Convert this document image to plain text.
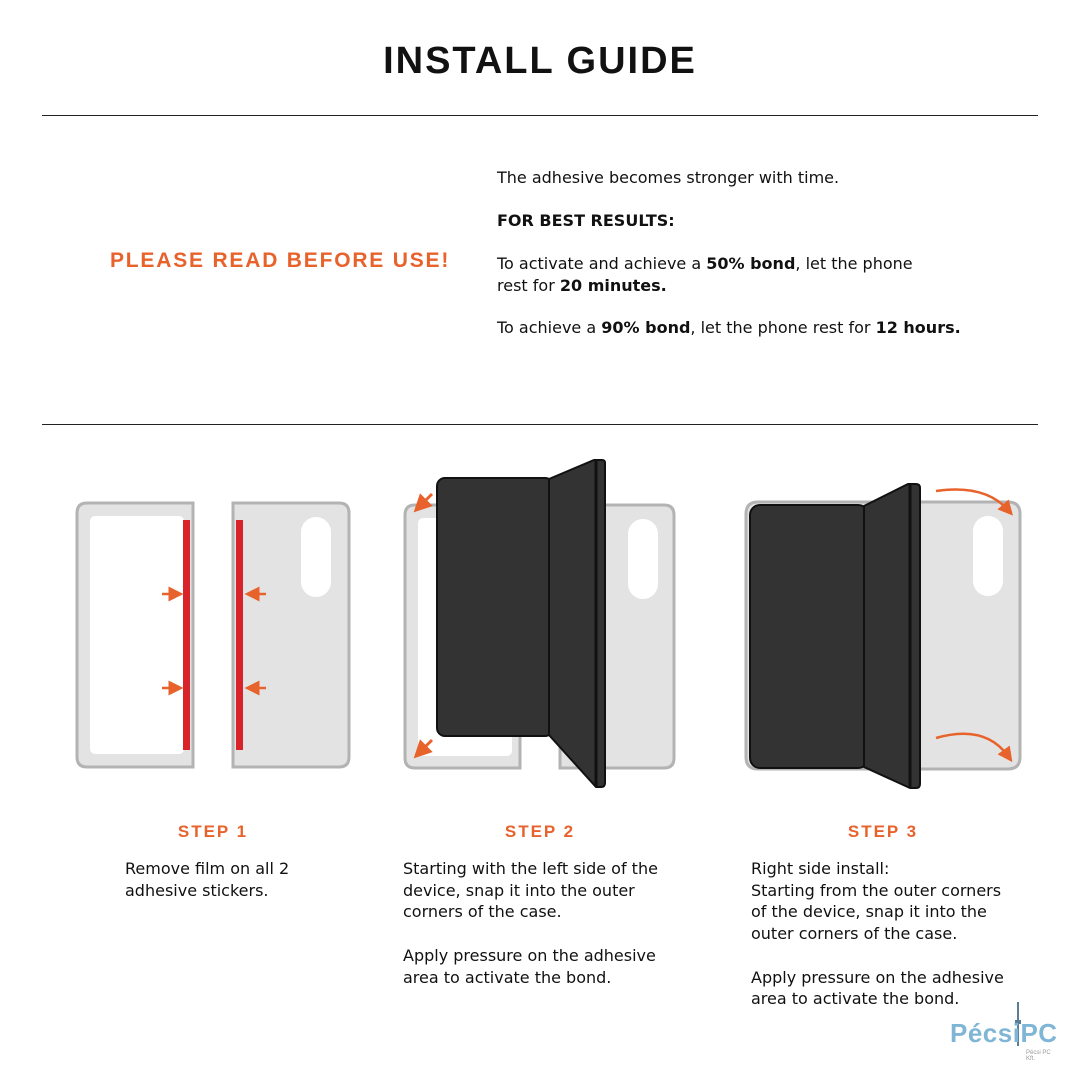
INSTALL GUIDE
PLEASE READ BEFORE USE!
The adhesive becomes stronger with time.
FOR BEST RESULTS:
To activate and achieve a 50% bond, let the phone
rest for 20 minutes.
To achieve a 90% bond, let the phone rest for 12 hours.
STEP 1	STEP 2	STEP 3

Remove film on all 2
adhesive stickers.

Starting with the left side of the
device, snap it into the outer
corners of the case.

Apply pressure on the adhesive
area to activate the bond.

Right side install:
Starting from the outer corners
of the device, snap it into the
outer corners of the case.

Apply pressure on the adhesive
area to activate the bond.

PécsiPC
Pécsi PC Kft.
